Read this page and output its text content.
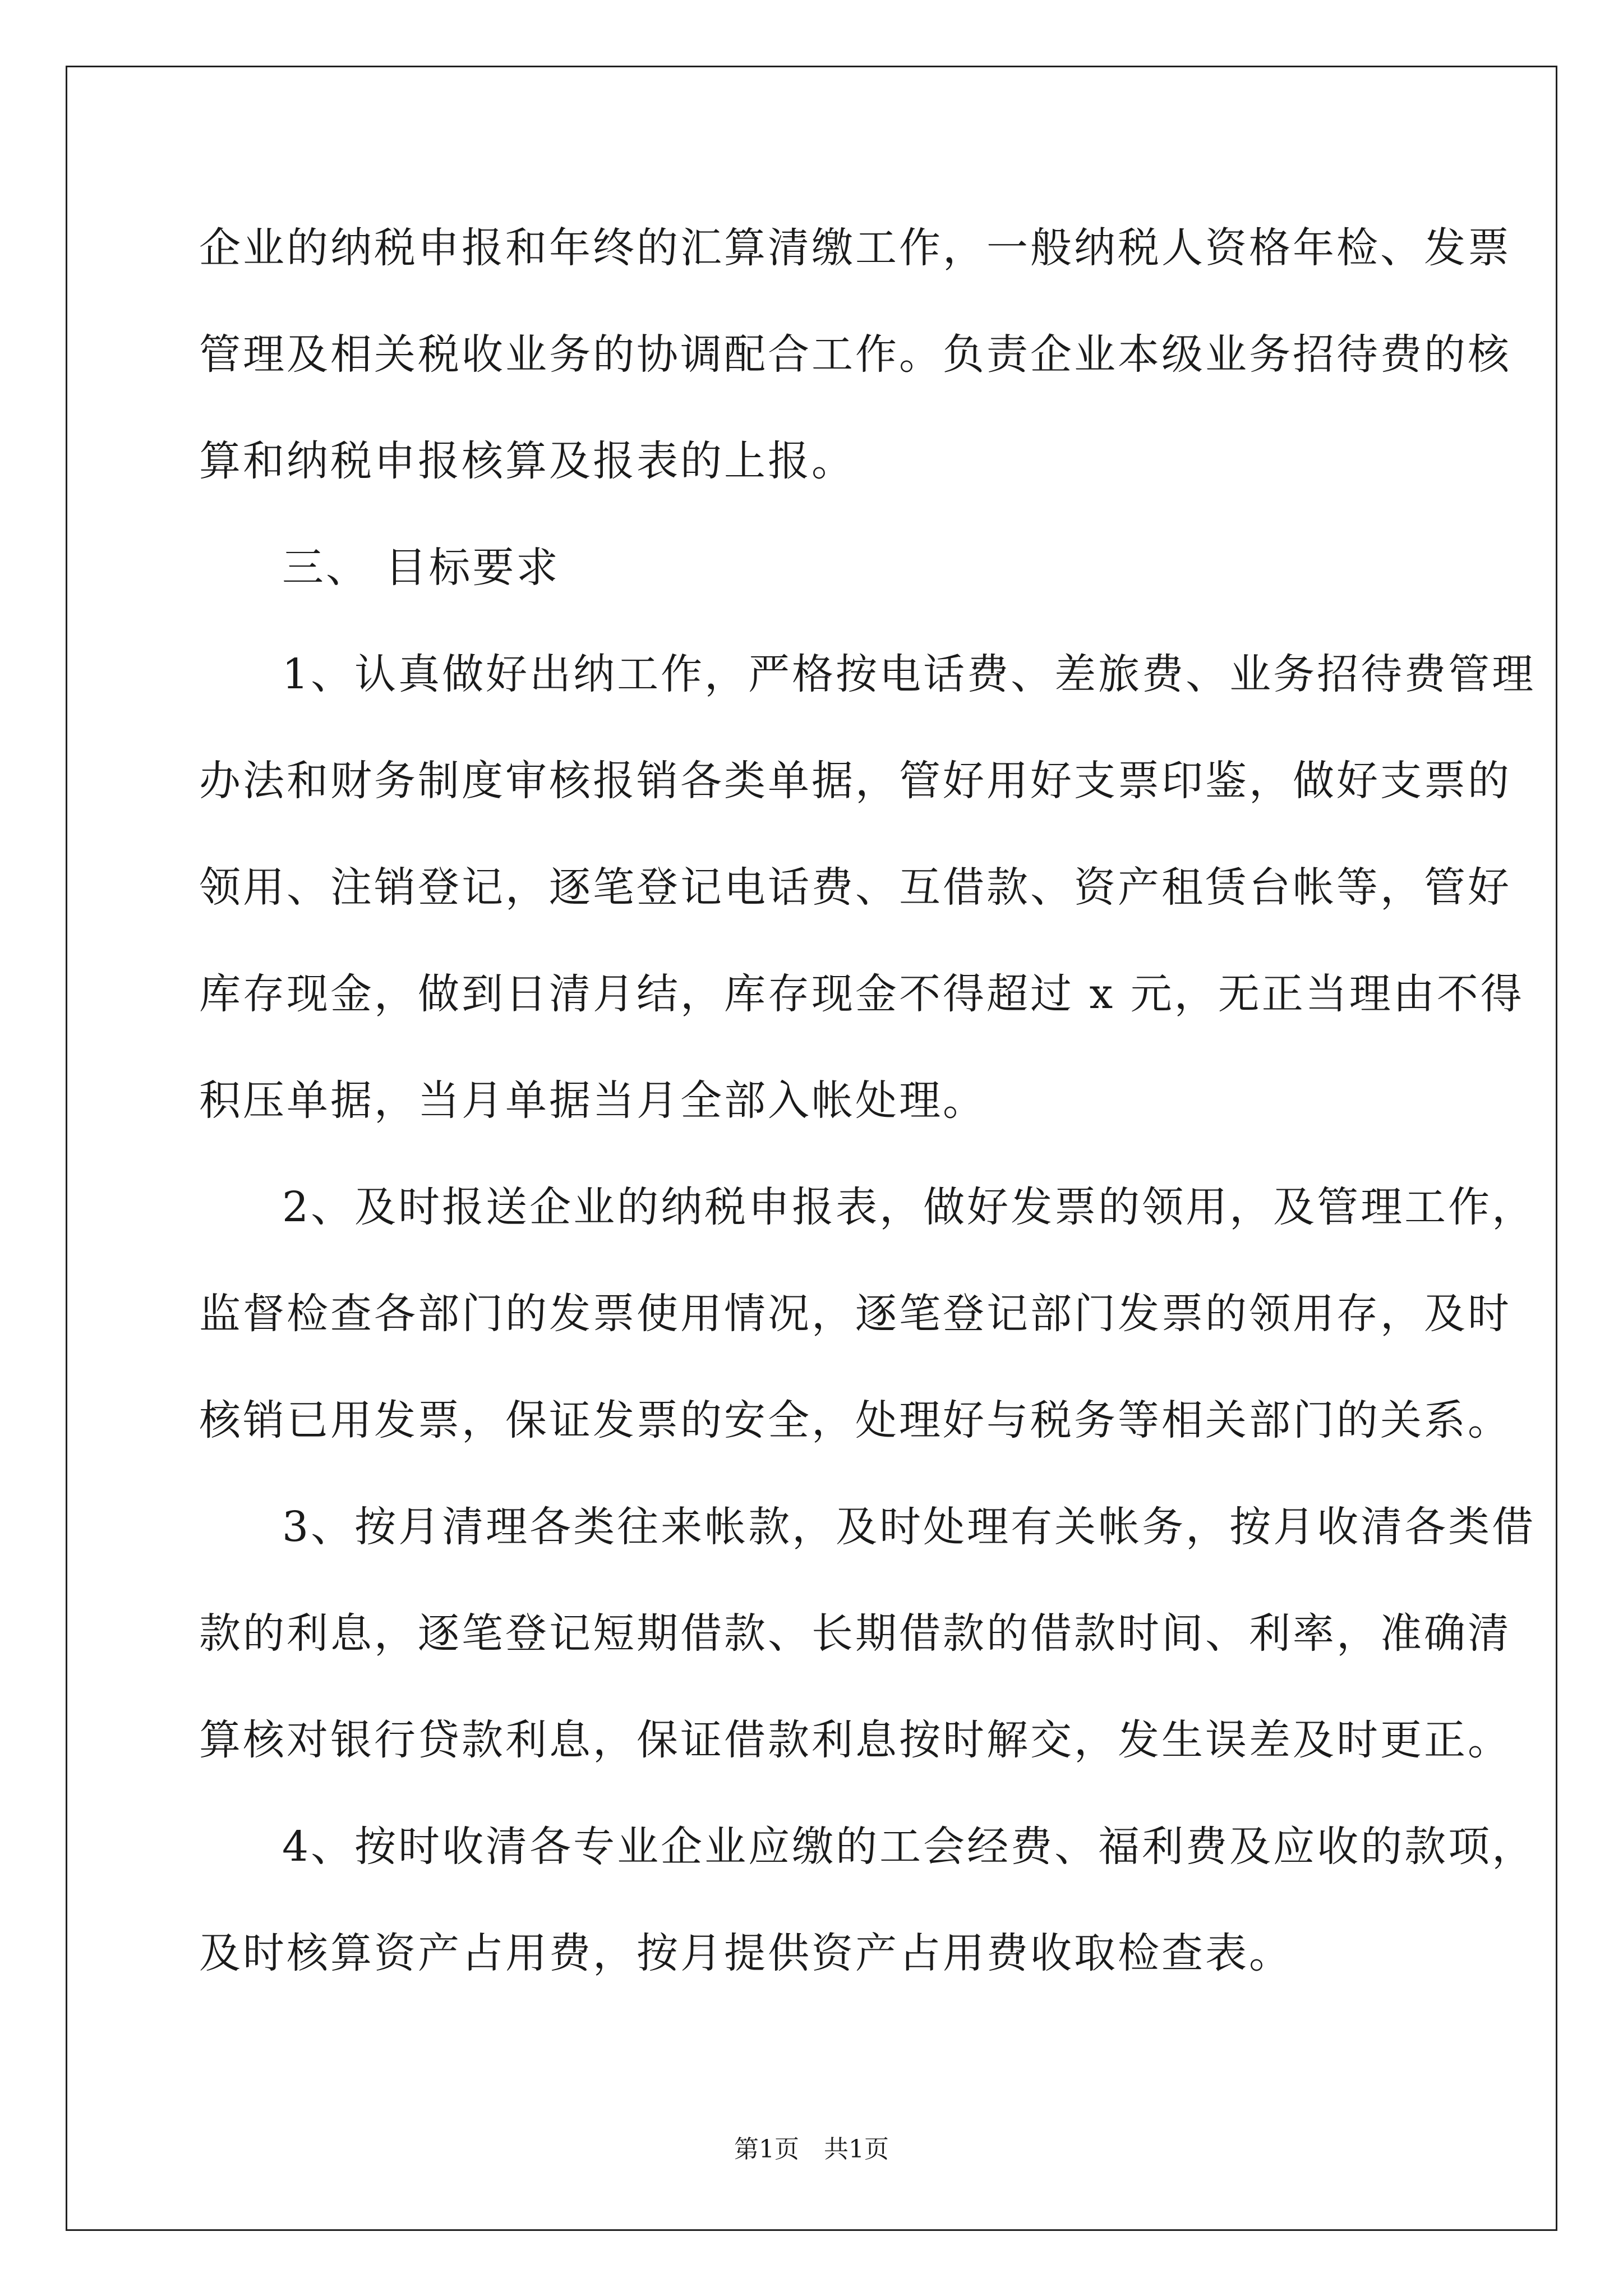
企业的纳税申报和年终的汇算清缴工作，一般纳税人资格年检、发票
管理及相关税收业务的协调配合工作。负责企业本级业务招待费的核
算和纳税申报核算及报表的上报。
三、 目标要求
1、认真做好出纳工作，严格按电话费、差旅费、业务招待费管理
办法和财务制度审核报销各类单据，管好用好支票印鉴，做好支票的
领用、注销登记，逐笔登记电话费、互借款、资产租赁台帐等，管好
库存现金，做到日清月结，库存现金不得超过 x 元，无正当理由不得
积压单据，当月单据当月全部入帐处理。
2、及时报送企业的纳税申报表，做好发票的领用，及管理工作，
监督检查各部门的发票使用情况，逐笔登记部门发票的领用存，及时
核销已用发票，保证发票的安全，处理好与税务等相关部门的关系。
3、按月清理各类往来帐款，及时处理有关帐务，按月收清各类借
款的利息，逐笔登记短期借款、长期借款的借款时间、利率，准确清
算核对银行贷款利息，保证借款利息按时解交，发生误差及时更正。
4、按时收清各专业企业应缴的工会经费、福利费及应收的款项，
及时核算资产占用费，按月提供资产占用费收取检查表。
第1页　共1页
